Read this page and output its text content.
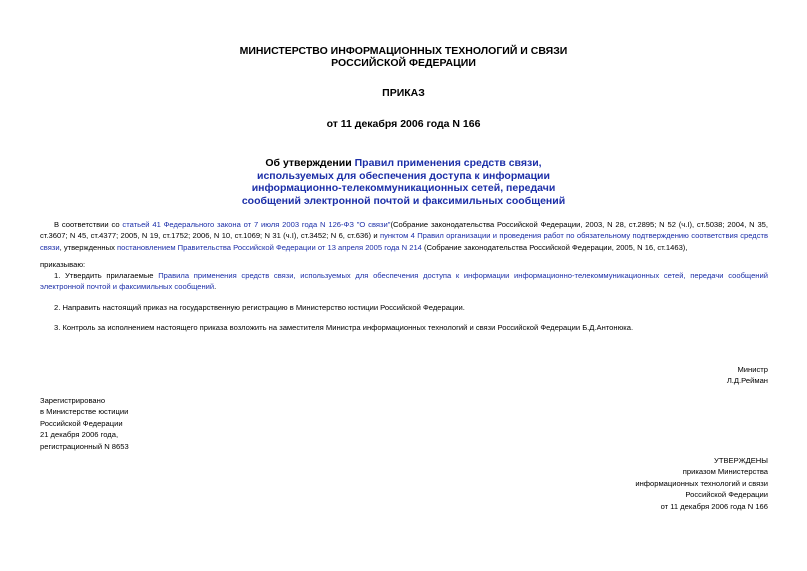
МИНИСТЕРСТВО ИНФОРМАЦИОННЫХ ТЕХНОЛОГИЙ И СВЯЗИ
РОССИЙСКОЙ ФЕДЕРАЦИИ
ПРИКАЗ
от 11 декабря 2006 года N 166
Об утверждении Правил применения средств связи,
используемых для обеспечения доступа к информации
информационно-телекоммуникационных сетей, передачи
сообщений электронной почтой и факсимильных сообщений
В соответствии со статьей 41 Федерального закона от 7 июля 2003 года N 126-ФЗ "О связи"(Собрание законодательства Российской Федерации, 2003, N 28, ст.2895; N 52 (ч.I), ст.5038; 2004, N 35, ст.3607; N 45, ст.4377; 2005, N 19, ст.1752; 2006, N 10, ст.1069; N 31 (ч.I), ст.3452; N 6, ст.636) и пунктом 4 Правил организации и проведения работ по обязательному подтверждению соответствия средств связи, утвержденных постановлением Правительства Российской Федерации от 13 апреля 2005 года N 214 (Собрание законодательства Российской Федерации, 2005, N 16, ст.1463),
приказываю:
1. Утвердить прилагаемые Правила применения средств связи, используемых для обеспечения доступа к информации информационно-телекоммуникационных сетей, передачи сообщений электронной почтой и факсимильных сообщений.
2. Направить настоящий приказ на государственную регистрацию в Министерство юстиции Российской Федерации.
3. Контроль за исполнением настоящего приказа возложить на заместителя Министра информационных технологий и связи Российской Федерации Б.Д.Антонюка.
Министр
Л.Д.Рейман
Зарегистрировано
в Министерстве юстиции
Российской Федерации
21 декабря 2006 года,
регистрационный N 8653
УТВЕРЖДЕНЫ
приказом Министерства
информационных технологий и связи
Российской Федерации
от 11 декабря 2006 года N 166
